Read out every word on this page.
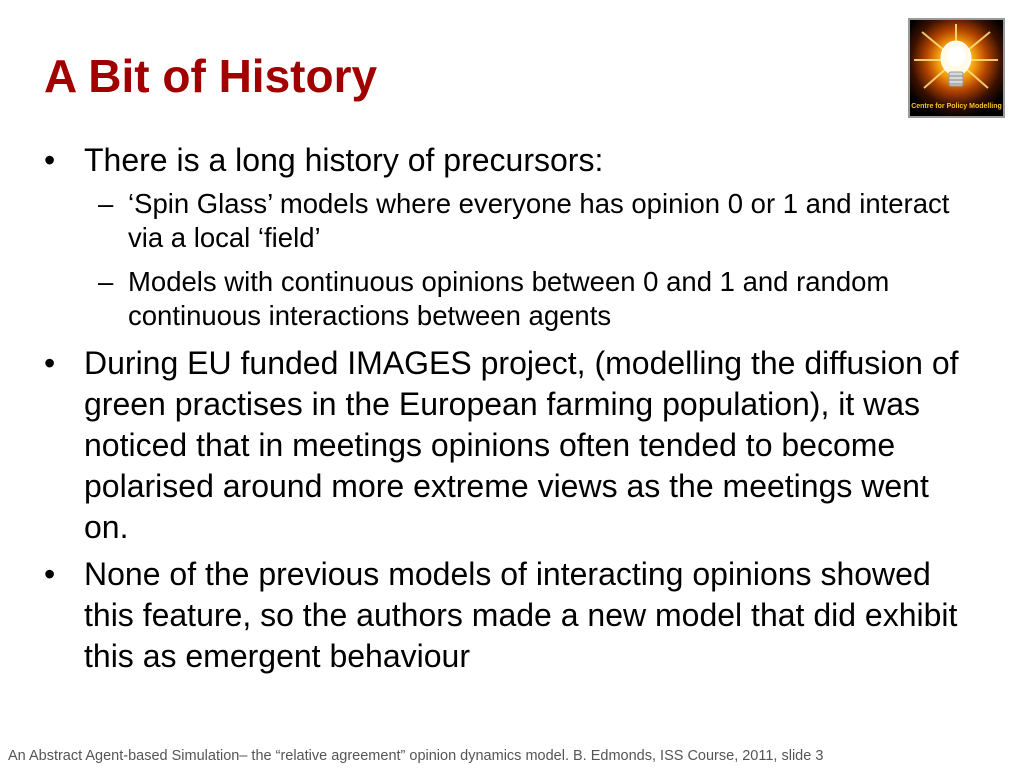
A Bit of History
Centre for Policy Modelling
• There is a long history of precursors:
– ‘Spin Glass’ models where everyone has opinion 0 or 1 and interact via a local ‘field’
– Models with continuous opinions between 0 and 1 and random continuous interactions between agents
• During EU funded IMAGES project, (modelling the diffusion of green practises in the European farming population), it was noticed that in meetings opinions often tended to become polarised around more extreme views as the meetings went on.
• None of the previous models of interacting opinions showed this feature, so the authors made a new model that did exhibit this as emergent behaviour
An Abstract Agent-based Simulation– the “relative agreement” opinion dynamics model. B. Edmonds, ISS Course, 2011, slide 3
